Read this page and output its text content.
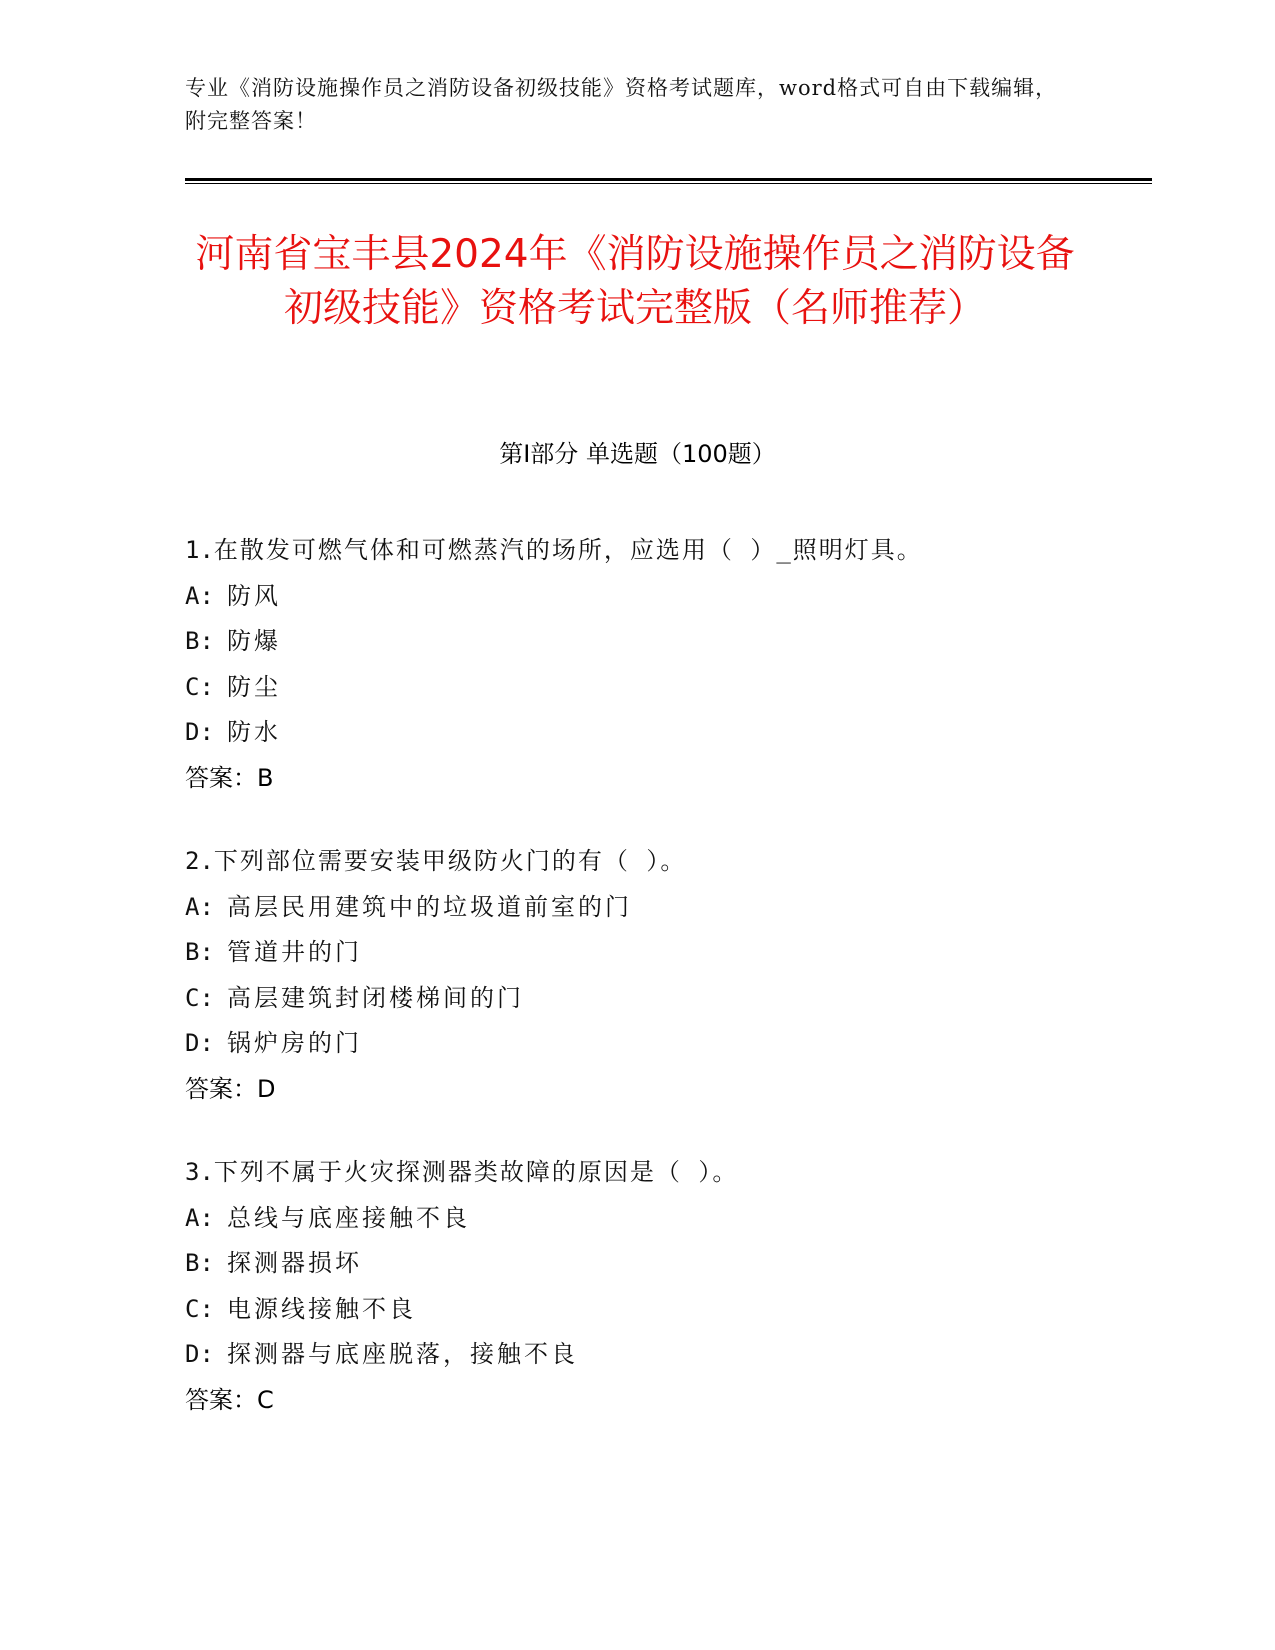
专业《消防设施操作员之消防设备初级技能》资格考试题库，word格式可自由下载编辑，附完整答案！
河南省宝丰县2024年《消防设施操作员之消防设备初级技能》资格考试完整版（名师推荐）
第I部分 单选题（100题）
1.在散发可燃气体和可燃蒸汽的场所，应选用（ ）_照明灯具。
A: 防风
B: 防爆
C: 防尘
D: 防水
答案：B
2.下列部位需要安装甲级防火门的有（ ）。
A: 高层民用建筑中的垃圾道前室的门
B: 管道井的门
C: 高层建筑封闭楼梯间的门
D: 锅炉房的门
答案：D
3.下列不属于火灾探测器类故障的原因是（ ）。
A: 总线与底座接触不良
B: 探测器损坏
C: 电源线接触不良
D: 探测器与底座脱落，接触不良
答案：C
